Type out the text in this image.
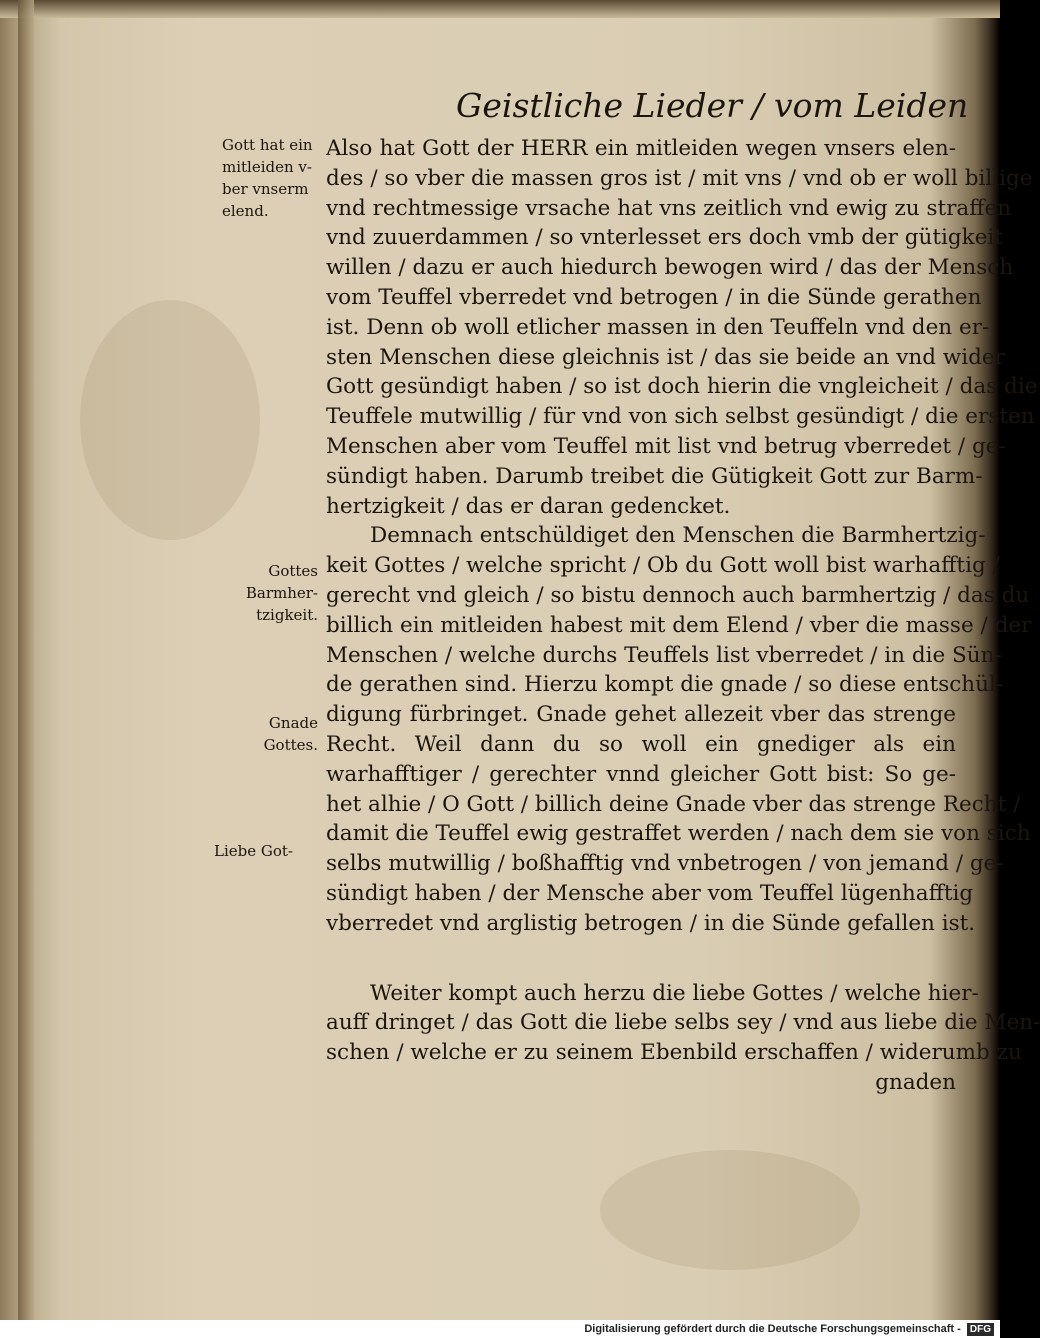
Geistliche Lieder / vom Leiden
Gott hat ein mitleiden v- ber vnserm elend.
Gottes Barmher- tzigkeit.
Gnade Gottes.
Liebe Got-
Also hat Gott der HERR ein mitleiden wegen vnsers elen-
des / so vber die massen gros ist / mit vns / vnd ob er woll billige
vnd rechtmessige vrsache hat vns zeitlich vnd ewig zu straffen
vnd zuuerdammen / so vnterlesset ers doch vmb der gütigkeit
willen / dazu er auch hiedurch bewogen wird / das der Mensch
vom Teuffel vberredet vnd betrogen / in die Sünde gerathen
ist. Denn ob woll etlicher massen in den Teuffeln vnd den er-
sten Menschen diese gleichnis ist / das sie beide an vnd wider
Gott gesündigt haben / so ist doch hierin die vngleicheit / das die
Teuffele mutwillig / für vnd von sich selbst gesündigt / die ersten
Menschen aber vom Teuffel mit list vnd betrug vberredet / ge-
sündigt haben. Darumb treibet die Gütigkeit Gott zur Barm-
hertzigkeit / das er daran gedencket.
Demnach entschüldiget den Menschen die Barmhertzig-
keit Gottes / welche spricht / Ob du Gott woll bist warhafftig /
gerecht vnd gleich / so bistu dennoch auch barmhertzig / das du
billich ein mitleiden habest mit dem Elend / vber die masse / der
Menschen / welche durchs Teuffels list vberredet / in die Sün-
de gerathen sind. Hierzu kompt die gnade / so diese entschül-
digung fürbringet. Gnade gehet allezeit vber das strenge
Recht. Weil dann du so woll ein gnediger als ein
warhafftiger / gerechter vnnd gleicher Gott bist: So ge-
het alhie / O Gott / billich deine Gnade vber das strenge Recht /
damit die Teuffel ewig gestraffet werden / nach dem sie von sich
selbs mutwillig / boßhafftig vnd vnbetrogen / von jemand / ge-
sündigt haben / der Mensche aber vom Teuffel lügenhafftig
vberredet vnd arglistig betrogen / in die Sünde gefallen ist.
Weiter kompt auch herzu die liebe Gottes / welche hier-
auff dringet / das Gott die liebe selbs sey / vnd aus liebe die Men-
schen / welche er zu seinem Ebenbild erschaffen / widerumb zu
gnaden
Digitalisierung gefördert durch die Deutsche Forschungsgemeinschaft - DFG
